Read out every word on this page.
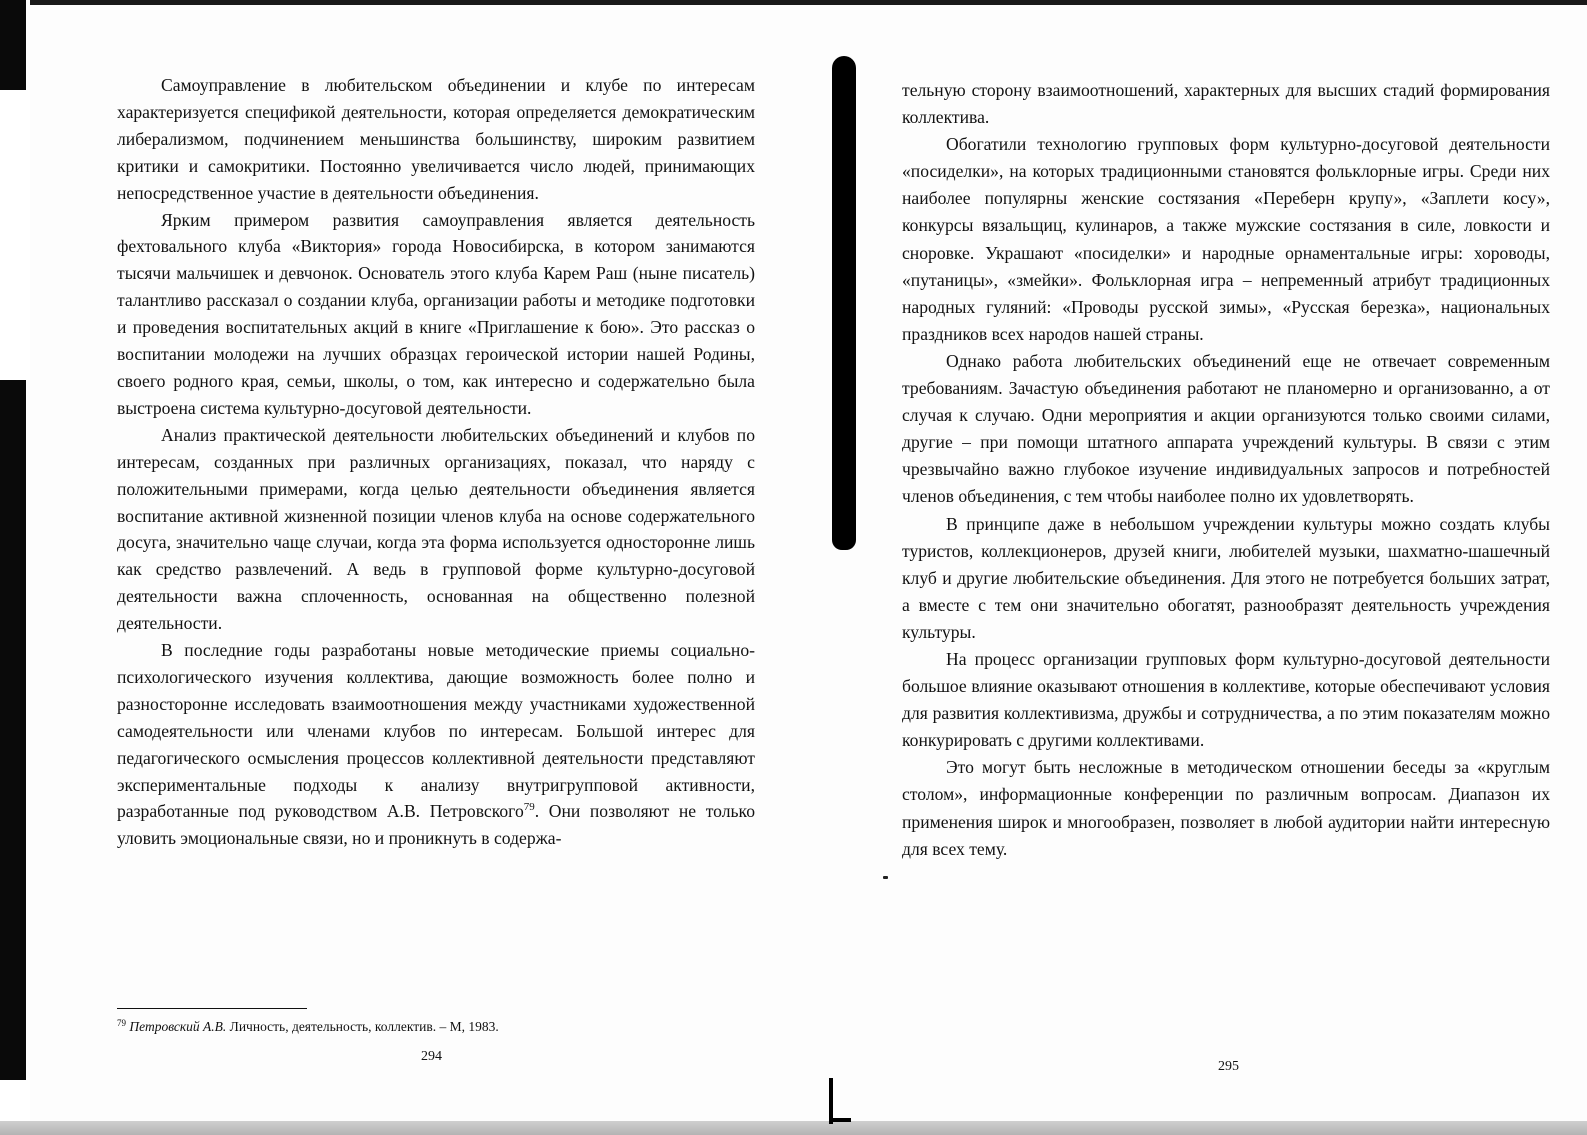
Самоуправление в любительском объединении и клубе по интересам характеризуется спецификой деятельности, которая определяется демократическим либерализмом, подчинением меньшинства большинству, широким развитием критики и самокритики. Постоянно увеличивается число людей, принимающих непосредственное участие в деятельности объединения.

Ярким примером развития самоуправления является деятельность фехтовального клуба «Виктория» города Новосибирска, в котором занимаются тысячи мальчишек и девчонок. Основатель этого клуба Карем Раш (ныне писатель) талантливо рассказал о создании клуба, организации работы и методике подготовки и проведения воспитательных акций в книге «Приглашение к бою». Это рассказ о воспитании молодежи на лучших образцах героической истории нашей Родины, своего родного края, семьи, школы, о том, как интересно и содержательно была выстроена система культурно-досуговой деятельности.

Анализ практической деятельности любительских объединений и клубов по интересам, созданных при различных организациях, показал, что наряду с положительными примерами, когда целью деятельности объединения является воспитание активной жизненной позиции членов клуба на основе содержательного досуга, значительно чаще случаи, когда эта форма используется односторонне лишь как средство развлечений. А ведь в групповой форме культурно-досуговой деятельности важна сплоченность, основанная на общественно полезной деятельности.

В последние годы разработаны новые методические приемы социально-психологического изучения коллектива, дающие возможность более полно и разносторонне исследовать взаимоотношения между участниками художественной самодеятельности или членами клубов по интересам. Большой интерес для педагогического осмысления процессов коллективной деятельности представляют экспериментальные подходы к анализу внутригрупповой активности, разработанные под руководством А.В. Петровского$^{79}$. Они позволяют не только уловить эмоциональные связи, но и проникнуть в содержа-

$^{79}$ Петровский А.В. Личность, деятельность, коллектив. – М, 1983.
294

тельную сторону взаимоотношений, характерных для высших стадий формирования коллектива.

Обогатили технологию групповых форм культурно-досуговой деятельности «посиделки», на которых традиционными становятся фольклорные игры. Среди них наиболее популярны женские состязания «Переберн крупу», «Заплети косу», конкурсы вязальщиц, кулинаров, а также мужские состязания в силе, ловкости и сноровке. Украшают «посиделки» и народные орнаментальные игры: хороводы, «путаницы», «змейки». Фольклорная игра – непременный атрибут традиционных народных гуляний: «Проводы русской зимы», «Русская березка», национальных праздников всех народов нашей страны.

Однако работа любительских объединений еще не отвечает современным требованиям. Зачастую объединения работают не планомерно и организованно, а от случая к случаю. Одни мероприятия и акции организуются только своими силами, другие – при помощи штатного аппарата учреждений культуры. В связи с этим чрезвычайно важно глубокое изучение индивидуальных запросов и потребностей членов объединения, с тем чтобы наиболее полно их удовлетворять.

В принципе даже в небольшом учреждении культуры можно создать клубы туристов, коллекционеров, друзей книги, любителей музыки, шахматно-шашечный клуб и другие любительские объединения. Для этого не потребуется больших затрат, а вместе с тем они значительно обогатят, разнообразят деятельность учреждения культуры.

На процесс организации групповых форм культурно-досуговой деятельности большое влияние оказывают отношения в коллективе, которые обеспечивают условия для развития коллективизма, дружбы и сотрудничества, а по этим показателям можно конкурировать с другими коллективами.

Это могут быть несложные в методическом отношении беседы за «круглым столом», информационные конференции по различным вопросам. Диапазон их применения широк и многообразен, позволяет в любой аудитории найти интересную для всех тему.

295
